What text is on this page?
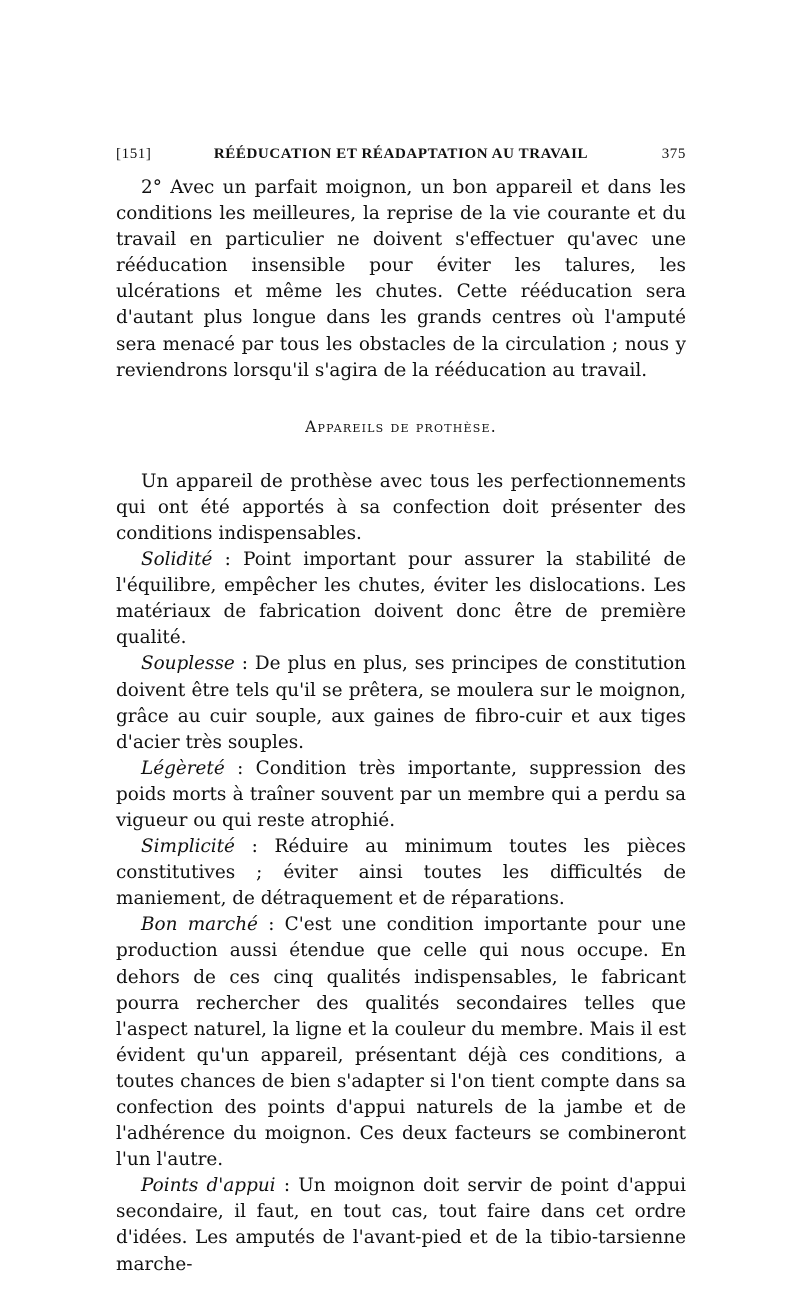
[151]	RÉÉDUCATION ET RÉADAPTATION AU TRAVAIL	375

2° Avec un parfait moignon, un bon appareil et dans les conditions les meilleures, la reprise de la vie courante et du travail en particulier ne doivent s'effectuer qu'avec une rééducation insensible pour éviter les talures, les ulcérations et même les chutes. Cette rééducation sera d'autant plus longue dans les grands centres où l'amputé sera menacé par tous les obstacles de la circulation ; nous y reviendrons lorsqu'il s'agira de la rééducation au travail.

Appareils de prothèse.

Un appareil de prothèse avec tous les perfectionnements qui ont été apportés à sa confection doit présenter des conditions indispensables.

Solidité : Point important pour assurer la stabilité de l'équilibre, empêcher les chutes, éviter les dislocations. Les matériaux de fabrication doivent donc être de première qualité.

Souplesse : De plus en plus, ses principes de constitution doivent être tels qu'il se prêtera, se moulera sur le moignon, grâce au cuir souple, aux gaines de fibro-cuir et aux tiges d'acier très souples.

Légèreté : Condition très importante, suppression des poids morts à traîner souvent par un membre qui a perdu sa vigueur ou qui reste atrophié.

Simplicité : Réduire au minimum toutes les pièces constitutives ; éviter ainsi toutes les difficultés de maniement, de détraquement et de réparations.

Bon marché : C'est une condition importante pour une production aussi étendue que celle qui nous occupe. En dehors de ces cinq qualités indispensables, le fabricant pourra rechercher des qualités secondaires telles que l'aspect naturel, la ligne et la couleur du membre. Mais il est évident qu'un appareil, présentant déjà ces conditions, a toutes chances de bien s'adapter si l'on tient compte dans sa confection des points d'appui naturels de la jambe et de l'adhérence du moignon. Ces deux facteurs se combineront l'un l'autre.

Points d'appui : Un moignon doit servir de point d'appui secondaire, il faut, en tout cas, tout faire dans cet ordre d'idées. Les amputés de l'avant-pied et de la tibio-tarsienne marche-
